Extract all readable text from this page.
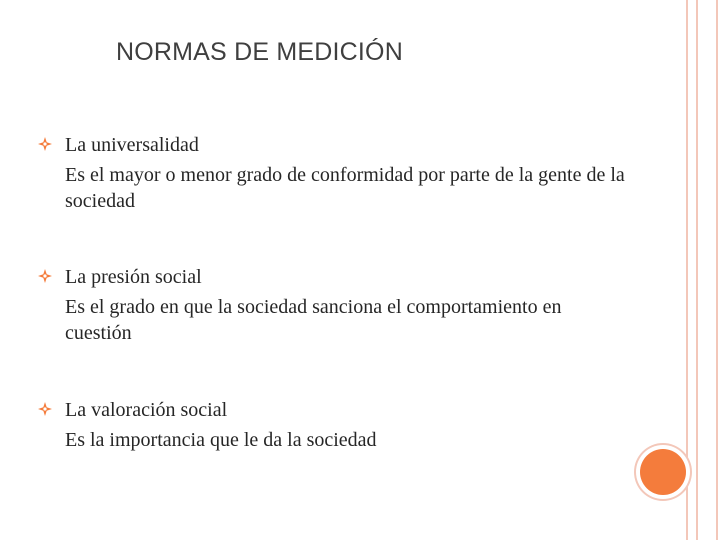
NORMAS DE MEDICIÓN
La universalidad
Es el mayor o menor grado de conformidad por parte de la gente de la sociedad
La presión social
Es el grado en que la sociedad sanciona el comportamiento en cuestión
La valoración social
Es la importancia que le da la sociedad
